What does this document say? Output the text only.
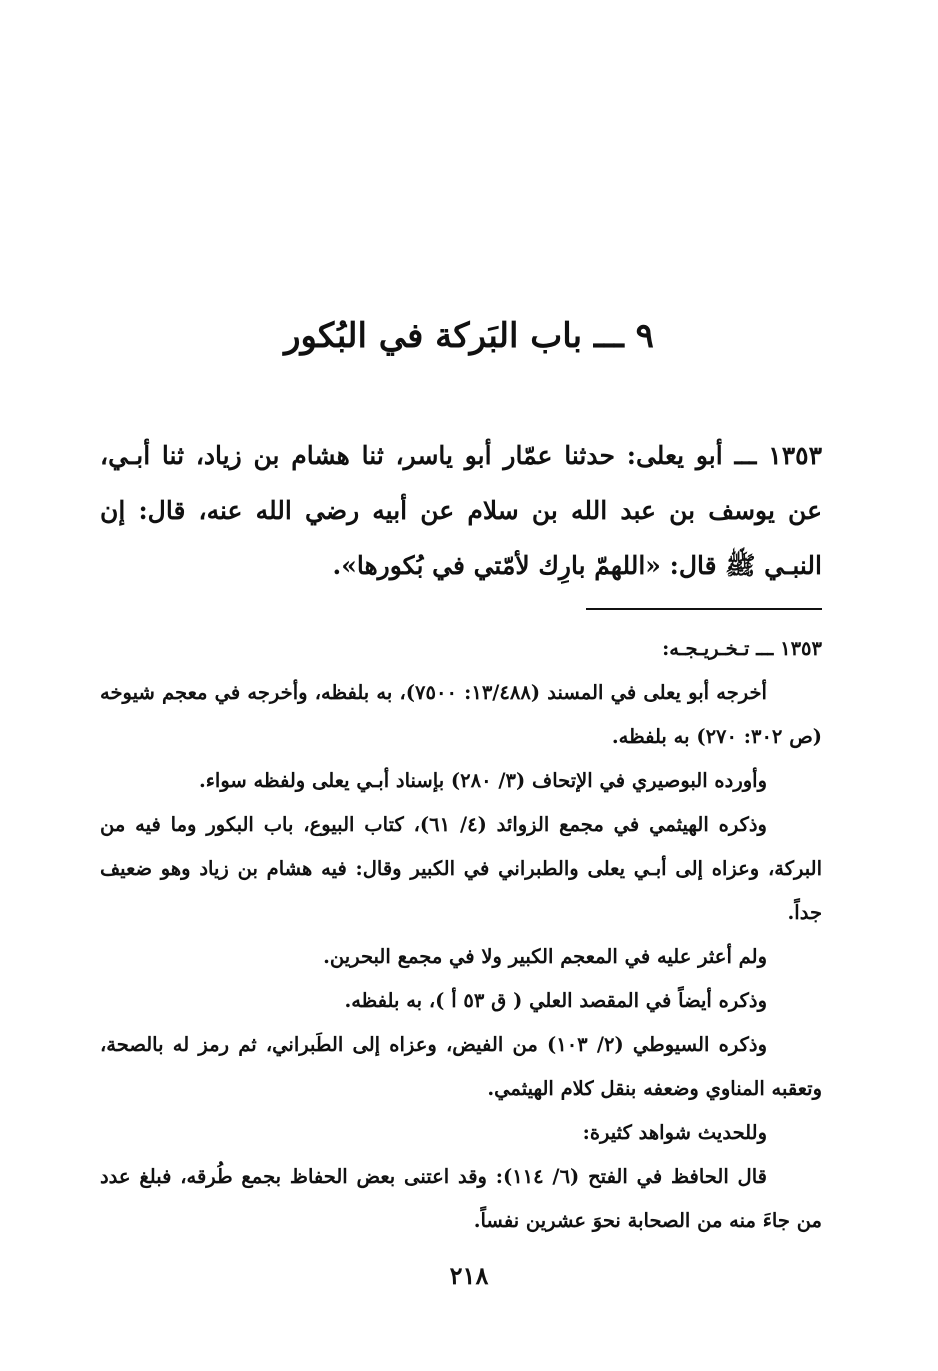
٩ ـــ باب البَركة في البُكور

١٣٥٣ ـــ أبو يعلى: حدثنا عمّار أبو ياسر، ثنا هشام بن زياد، ثنا أبـي، عن يوسف بن عبد الله بن سلام عن أبيه رضي الله عنه، قال: إن النبـي ﷺ قال: «اللهمّ بارِك لأمّتي في بُكورها».

١٣٥٣ ـــ تـخـريـجـه:

أخرجه أبو يعلى في المسند (١٣/٤٨٨: ٧٥٠٠)، به بلفظه، وأخرجه في معجم شيوخه (ص ٣٠٢: ٢٧٠) به بلفظه.

وأورده البوصيري في الإتحاف (٣/ ٢٨٠) بإسناد أبـي يعلى ولفظه سواء.

وذكره الهيثمي في مجمع الزوائد (٤/ ٦١)، كتاب البيوع، باب البكور وما فيه من البركة، وعزاه إلى أبـي يعلى والطبراني في الكبير وقال: فيه هشام بن زياد وهو ضعيف جداً.

ولم أعثر عليه في المعجم الكبير ولا في مجمع البحرين.

وذكره أيضاً في المقصد العلي ( ق ٥٣ أ )، به بلفظه.

وذكره السيوطي (٢/ ١٠٣) من الفيض، وعزاه إلى الطَبراني، ثم رمز له بالصحة، وتعقبه المناوي وضعفه بنقل كلام الهيثمي.

وللحديث شواهد كثيرة:

قال الحافظ في الفتح (٦/ ١١٤): وقد اعتنى بعض الحفاظ بجمع طُرقه، فبلغ عدد من جاءَ منه من الصحابة نحوَ عشرين نفساً.

٢١٨
